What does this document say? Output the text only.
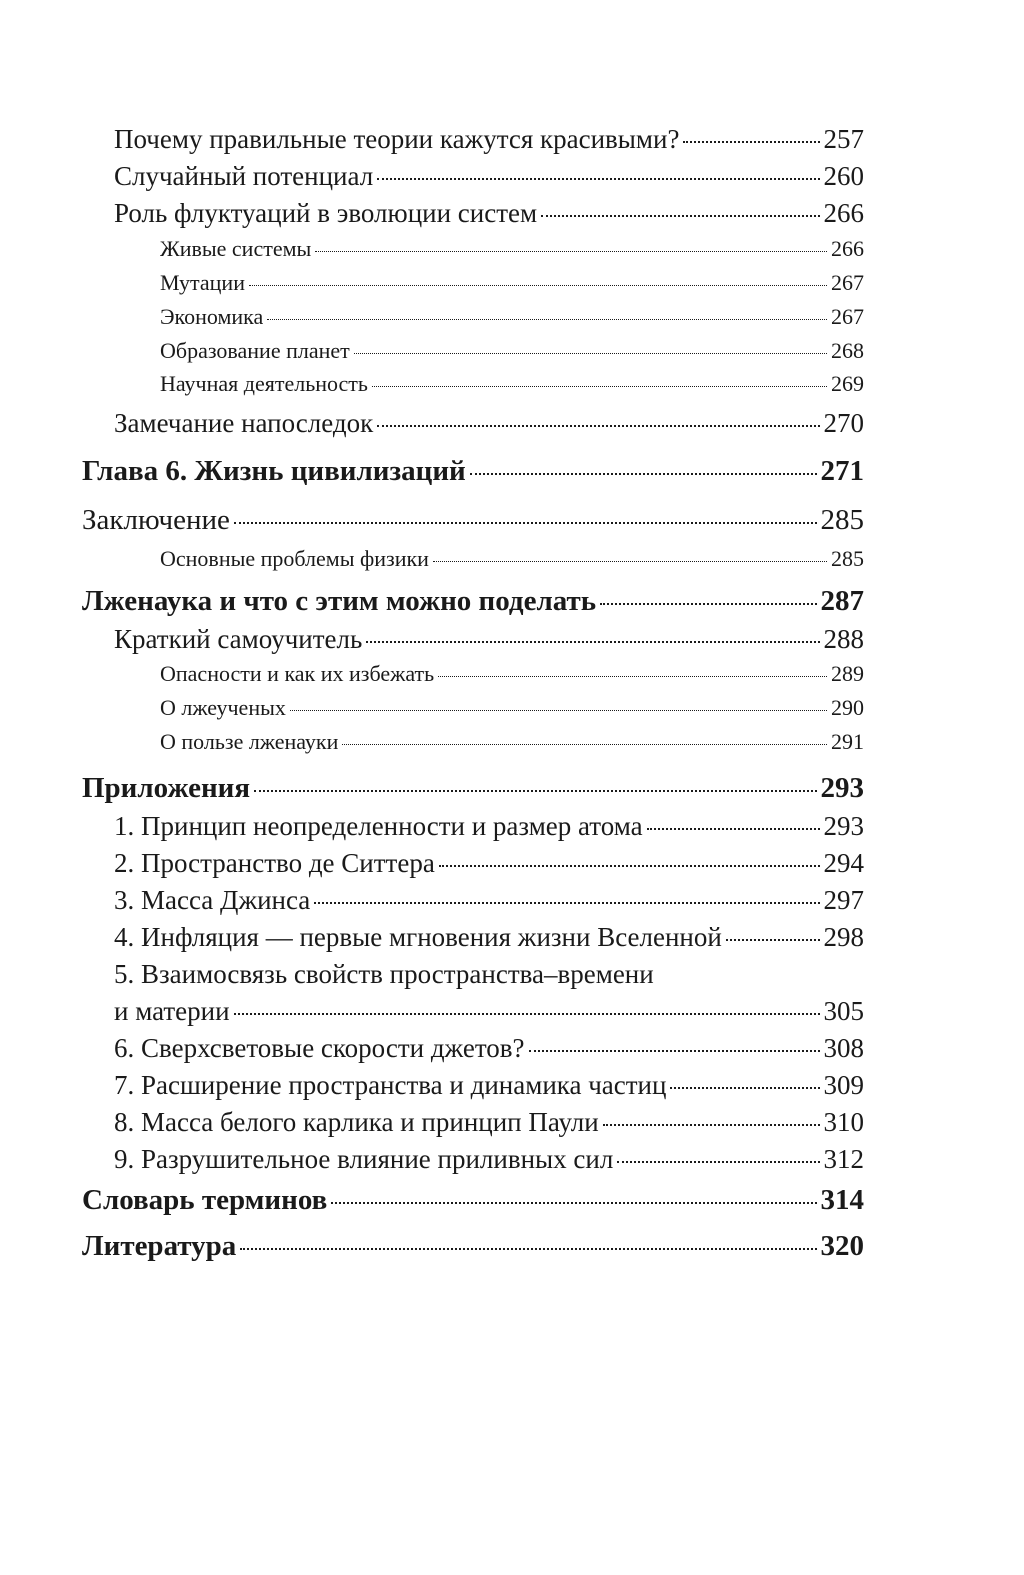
Почему правильные теории кажутся красивыми?	257
Случайный потенциал	260
Роль флуктуаций в эволюции систем	266
Живые системы	266
Мутации	267
Экономика	267
Образование планет	268
Научная деятельность	269
Замечание напоследок	270
Глава 6. Жизнь цивилизаций	271
Заключение	285
Основные проблемы физики	285
Лженаука и что с этим можно поделать	287
Краткий самоучитель	288
Опасности и как их избежать	289
О лжеученых	290
О пользе лженауки	291
Приложения	293
1. Принцип неопределенности и размер атома	293
2. Пространство де Ситтера	294
3. Масса Джинса	297
4. Инфляция — первые мгновения жизни Вселенной	298
5. Взаимосвязь свойств пространства–времени
и материи	305
6. Сверхсветовые скорости джетов?	308
7. Расширение пространства и динамика частиц	309
8. Масса белого карлика и принцип Паули	310
9. Разрушительное влияние приливных сил	312
Словарь терминов	314
Литература	320
